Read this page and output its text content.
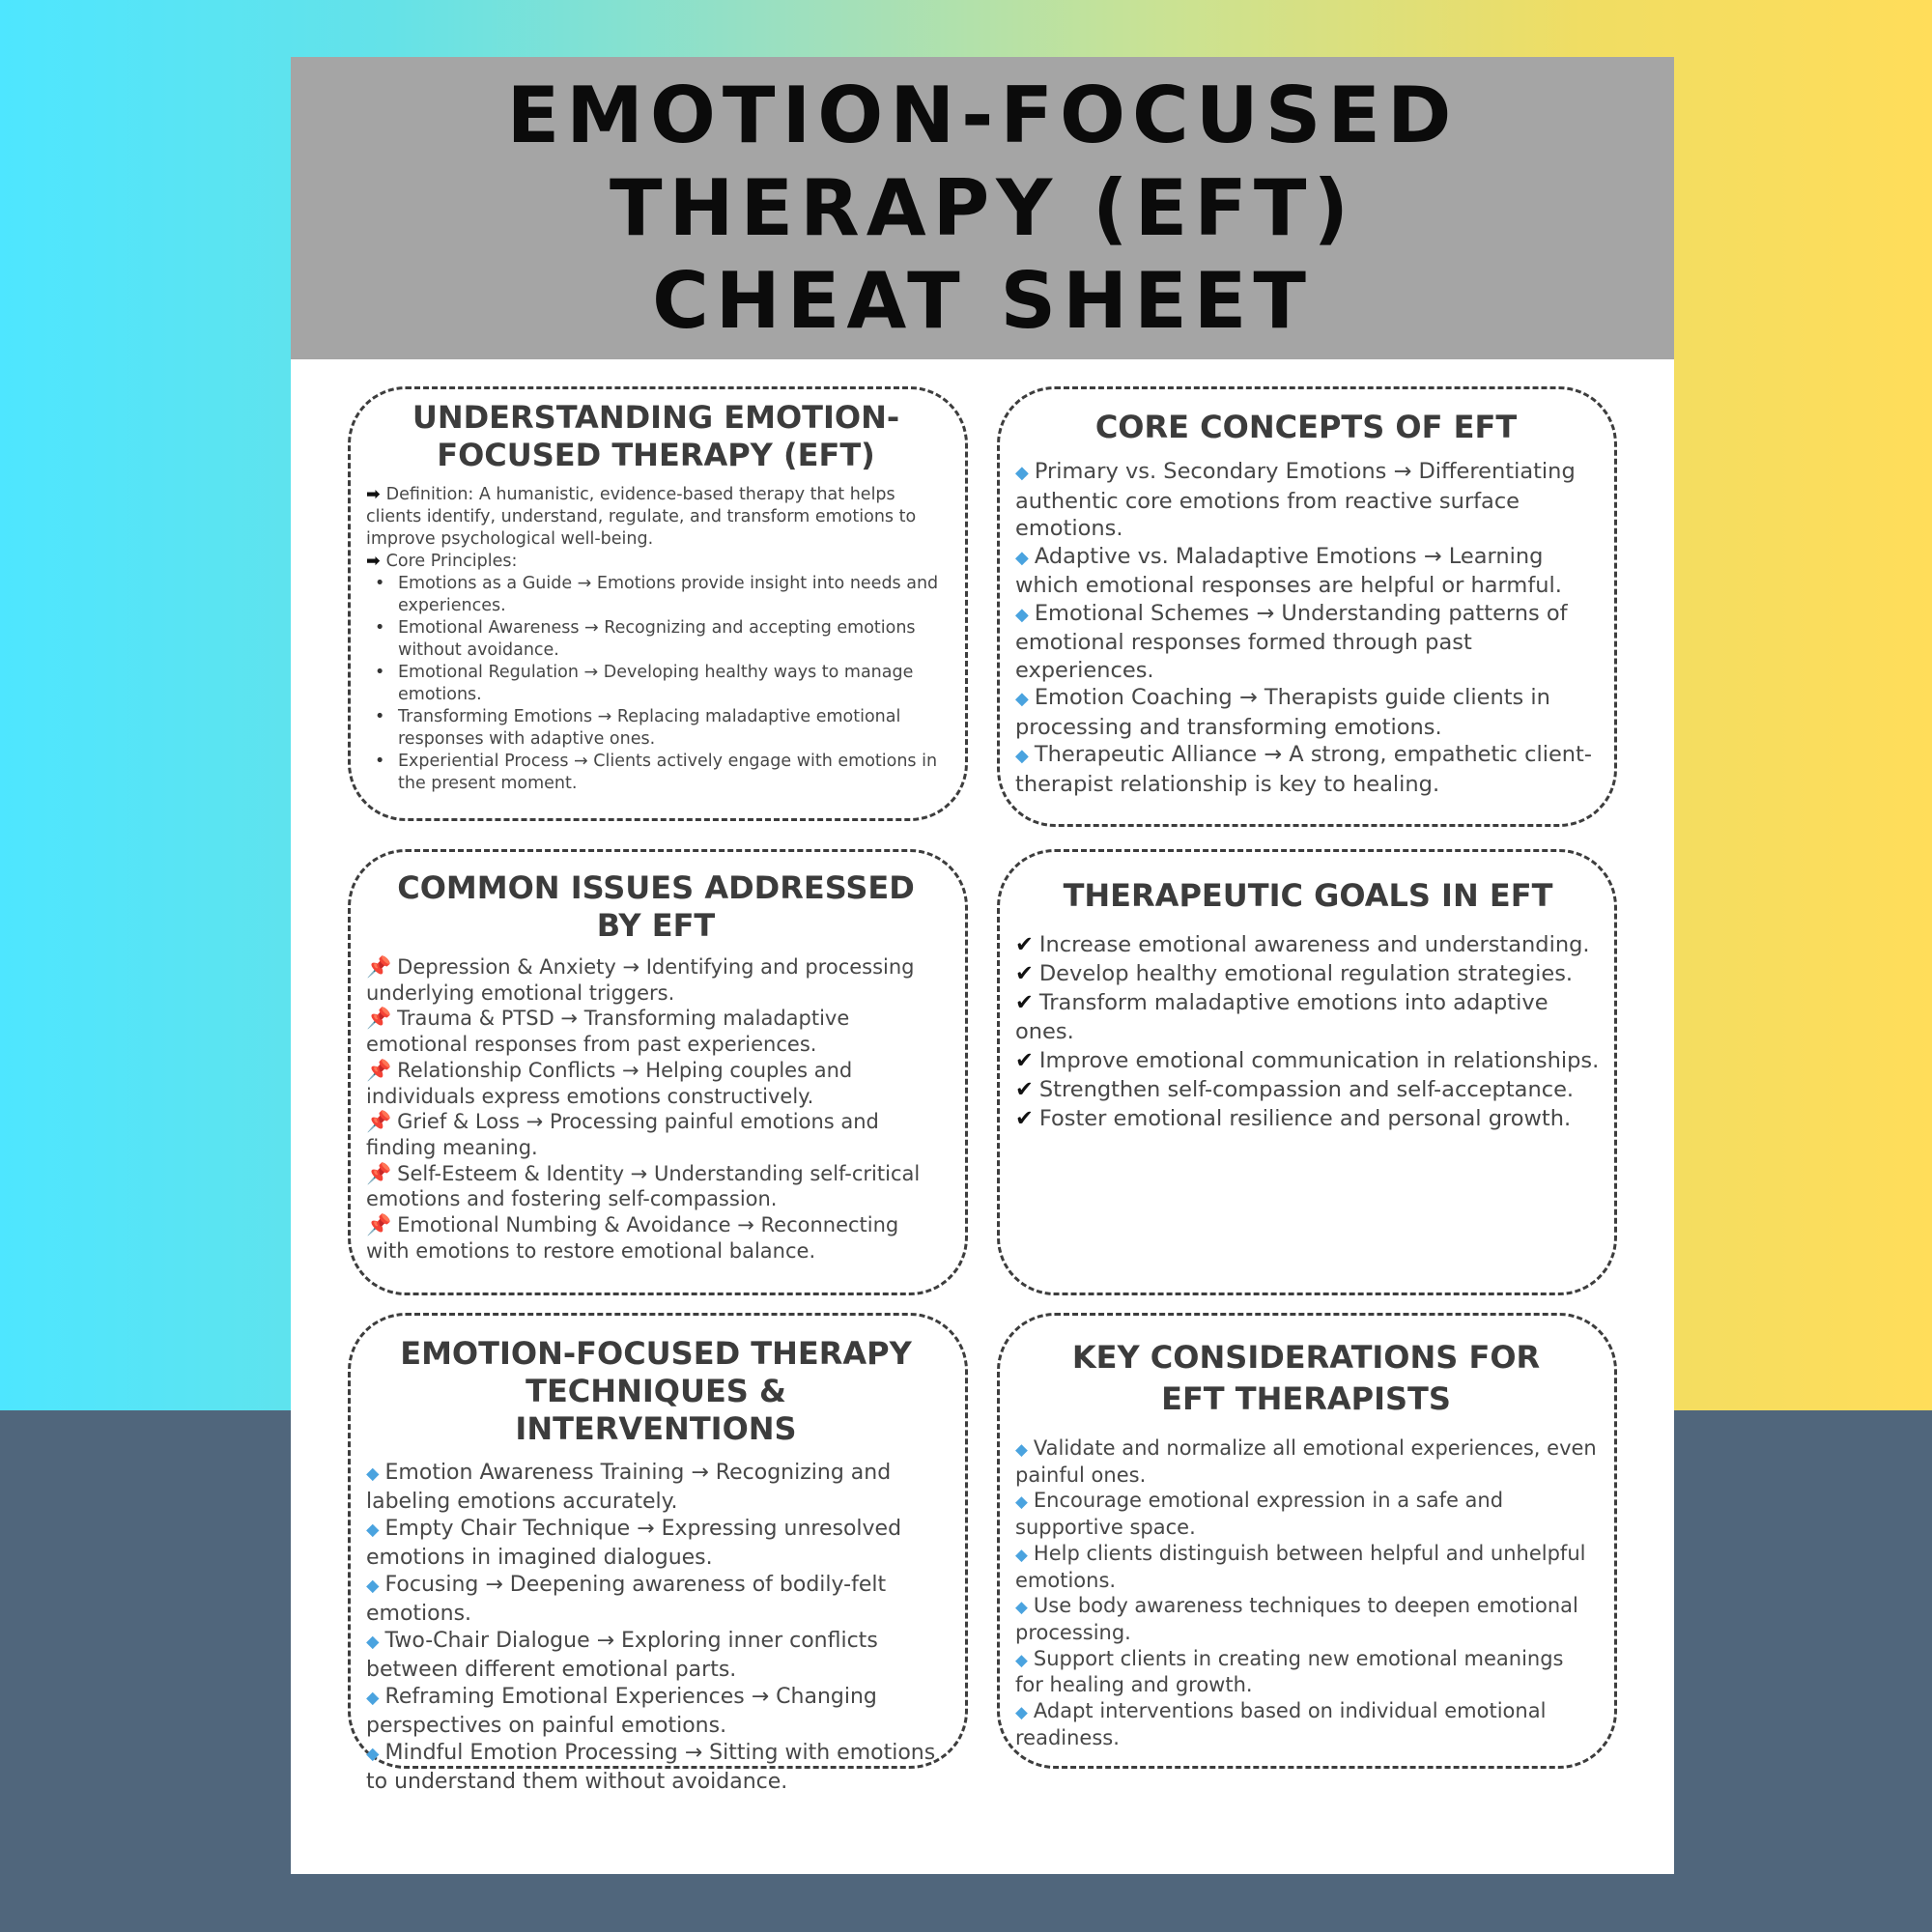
EMOTION-FOCUSED
THERAPY (EFT)
CHEAT SHEET
UNDERSTANDING EMOTION-FOCUSED THERAPY (EFT)
➡ Definition: A humanistic, evidence-based therapy that helps clients identify, understand, regulate, and transform emotions to improve psychological well-being.
➡ Core Principles:
• Emotions as a Guide → Emotions provide insight into needs and experiences.
• Emotional Awareness → Recognizing and accepting emotions without avoidance.
• Emotional Regulation → Developing healthy ways to manage emotions.
• Transforming Emotions → Replacing maladaptive emotional responses with adaptive ones.
• Experiential Process → Clients actively engage with emotions in the present moment.
CORE CONCEPTS OF EFT
◆ Primary vs. Secondary Emotions → Differentiating authentic core emotions from reactive surface emotions.
◆ Adaptive vs. Maladaptive Emotions → Learning which emotional responses are helpful or harmful.
◆ Emotional Schemes → Understanding patterns of emotional responses formed through past experiences.
◆ Emotion Coaching → Therapists guide clients in processing and transforming emotions.
◆ Therapeutic Alliance → A strong, empathetic client-therapist relationship is key to healing.
COMMON ISSUES ADDRESSED BY EFT
📌 Depression & Anxiety → Identifying and processing underlying emotional triggers.
📌 Trauma & PTSD → Transforming maladaptive emotional responses from past experiences.
📌 Relationship Conflicts → Helping couples and individuals express emotions constructively.
📌 Grief & Loss → Processing painful emotions and finding meaning.
📌 Self-Esteem & Identity → Understanding self-critical emotions and fostering self-compassion.
📌 Emotional Numbing & Avoidance → Reconnecting with emotions to restore emotional balance.
THERAPEUTIC GOALS IN EFT
✔ Increase emotional awareness and understanding.
✔ Develop healthy emotional regulation strategies.
✔ Transform maladaptive emotions into adaptive ones.
✔ Improve emotional communication in relationships.
✔ Strengthen self-compassion and self-acceptance.
✔ Foster emotional resilience and personal growth.
EMOTION-FOCUSED THERAPY TECHNIQUES & INTERVENTIONS
◆ Emotion Awareness Training → Recognizing and labeling emotions accurately.
◆ Empty Chair Technique → Expressing unresolved emotions in imagined dialogues.
◆ Focusing → Deepening awareness of bodily-felt emotions.
◆ Two-Chair Dialogue → Exploring inner conflicts between different emotional parts.
◆ Reframing Emotional Experiences → Changing perspectives on painful emotions.
◆ Mindful Emotion Processing → Sitting with emotions to understand them without avoidance.
KEY CONSIDERATIONS FOR EFT THERAPISTS
◆ Validate and normalize all emotional experiences, even painful ones.
◆ Encourage emotional expression in a safe and supportive space.
◆ Help clients distinguish between helpful and unhelpful emotions.
◆ Use body awareness techniques to deepen emotional processing.
◆ Support clients in creating new emotional meanings for healing and growth.
◆ Adapt interventions based on individual emotional readiness.
